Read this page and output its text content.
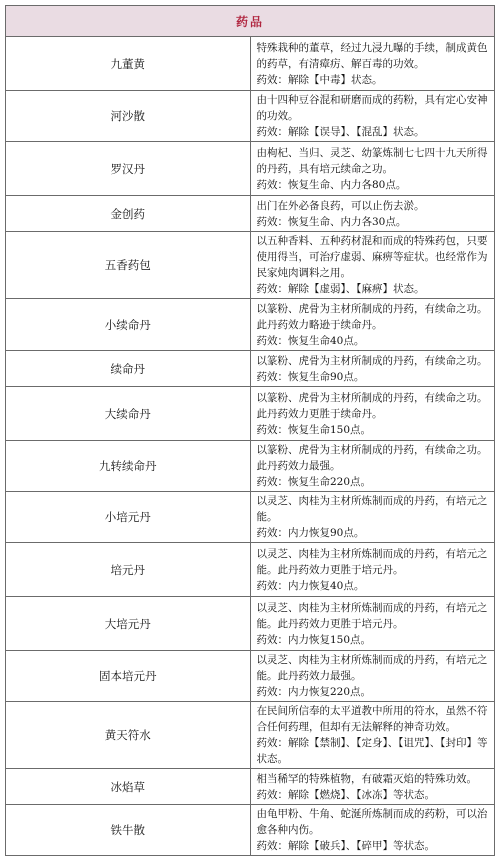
药品	
九董黄	特殊栽种的董草，经过九浸九曝的手续，制成黄色的药草，有清瘴疠、解百毒的功效。
药效：解除【中毒】状态。

河沙散	由十四种豆谷混和研磨而成的药粉，具有定心安神的功效。
药效：解除【误导】、【混乱】状态。

罗汉丹	由枸杞、当归、灵芝、幼篆炼制七七四十九天所得的丹药，具有培元续命之功。
药效：恢复生命、内力各80点。

金创药	出门在外必备良药，可以止伤去淤。
药效：恢复生命、内力各30点。

五香药包	以五种香料、五种药材混和而成的特殊药包，只要使用得当，可治疗虚弱、麻痹等症状。也经常作为民家炖肉调料之用。
药效：解除【虚弱】、【麻痹】状态。

小续命丹	以篆粉、虎骨为主材所制成的丹药，有续命之功。此丹药效力略逊于续命丹。
药效：恢复生命40点。

续命丹	以篆粉、虎骨为主材所制成的丹药，有续命之功。
药效：恢复生命90点。

大续命丹	以篆粉、虎骨为主材所制成的丹药，有续命之功。此丹药效力更胜于续命丹。
药效：恢复生命150点。

九转续命丹	以篆粉、虎骨为主材所制成的丹药，有续命之功。此丹药效力最强。
药效：恢复生命220点。

小培元丹	以灵芝、肉桂为主材所炼制而成的丹药，有培元之能。
药效：内力恢复90点。

培元丹	以灵芝、肉桂为主材所炼制而成的丹药，有培元之能。此丹药效力更胜于培元丹。
药效：内力恢复40点。

大培元丹	以灵芝、肉桂为主材所炼制而成的丹药，有培元之能。此丹药效力更胜于培元丹。
药效：内力恢复150点。

固本培元丹	以灵芝、肉桂为主材所炼制而成的丹药，有培元之能。此丹药效力最强。
药效：内力恢复220点。

黄天符水	在民间所信奉的太平道教中所用的符水，虽然不符合任何药理，但却有无法解释的神奇功效。
药效：解除【禁制】、【定身】、【诅咒】、【封印】等状态。

冰焰草	相当稀罕的特殊植物，有破霜灭焰的特殊功效。
药效：解除【燃烧】、【冰冻】等状态。

铁牛散	由龟甲粉、牛角、蛇涎所炼制而成的药粉，可以治愈各种内伤。
药效：解除【破兵】、【碎甲】等状态。
